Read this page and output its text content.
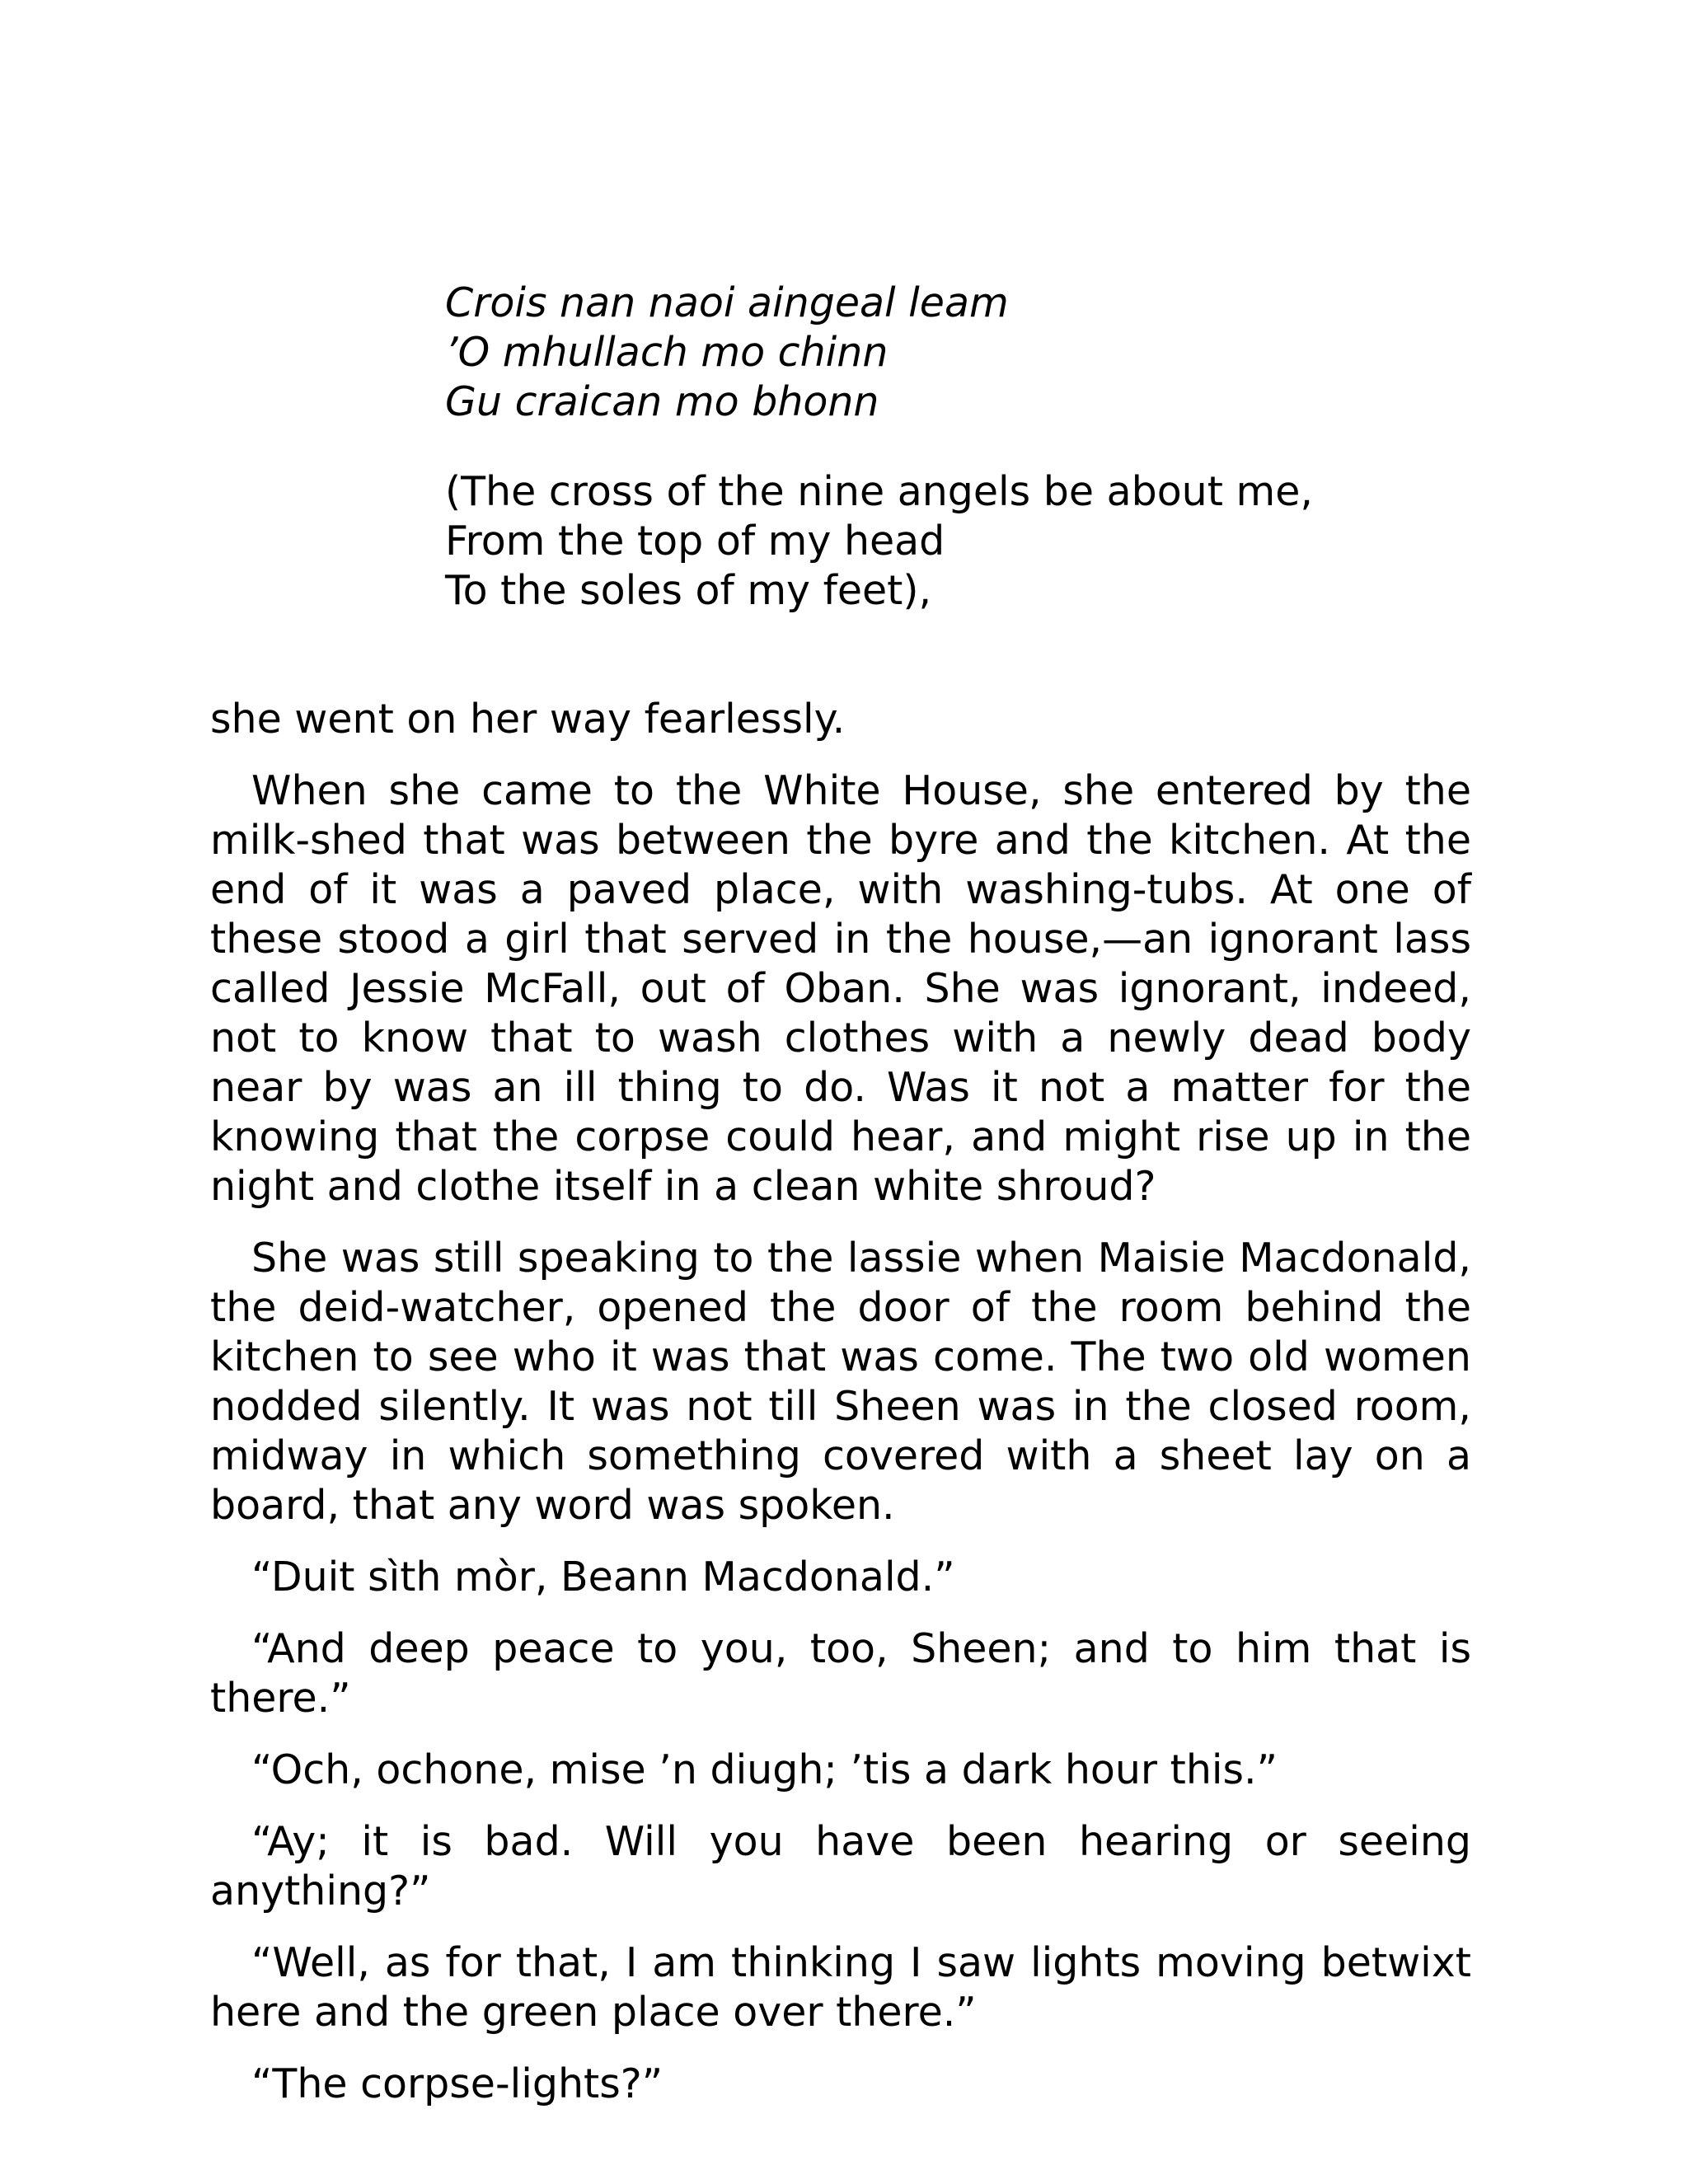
Crois nan naoi aingeal leam
’O mhullach mo chinn
Gu craican mo bhonn
(The cross of the nine angels be about me,
From the top of my head
To the soles of my feet),

she went on her way fearlessly.

When she came to the White House, she entered by the milk-shed that was between the byre and the kitchen. At the end of it was a paved place, with washing-tubs. At one of these stood a girl that served in the house,—an ignorant lass called Jessie McFall, out of Oban. She was ignorant, indeed, not to know that to wash clothes with a newly dead body near by was an ill thing to do. Was it not a matter for the knowing that the corpse could hear, and might rise up in the night and clothe itself in a clean white shroud?

She was still speaking to the lassie when Maisie Macdonald, the deid-watcher, opened the door of the room behind the kitchen to see who it was that was come. The two old women nodded silently. It was not till Sheen was in the closed room, midway in which something covered with a sheet lay on a board, that any word was spoken.

“Duit sìth mòr, Beann Macdonald.”

“And deep peace to you, too, Sheen; and to him that is there.”

“Och, ochone, mise ’n diugh; ’tis a dark hour this.”

“Ay; it is bad. Will you have been hearing or seeing anything?”

“Well, as for that, I am thinking I saw lights moving betwixt here and the green place over there.”

“The corpse-lights?”
